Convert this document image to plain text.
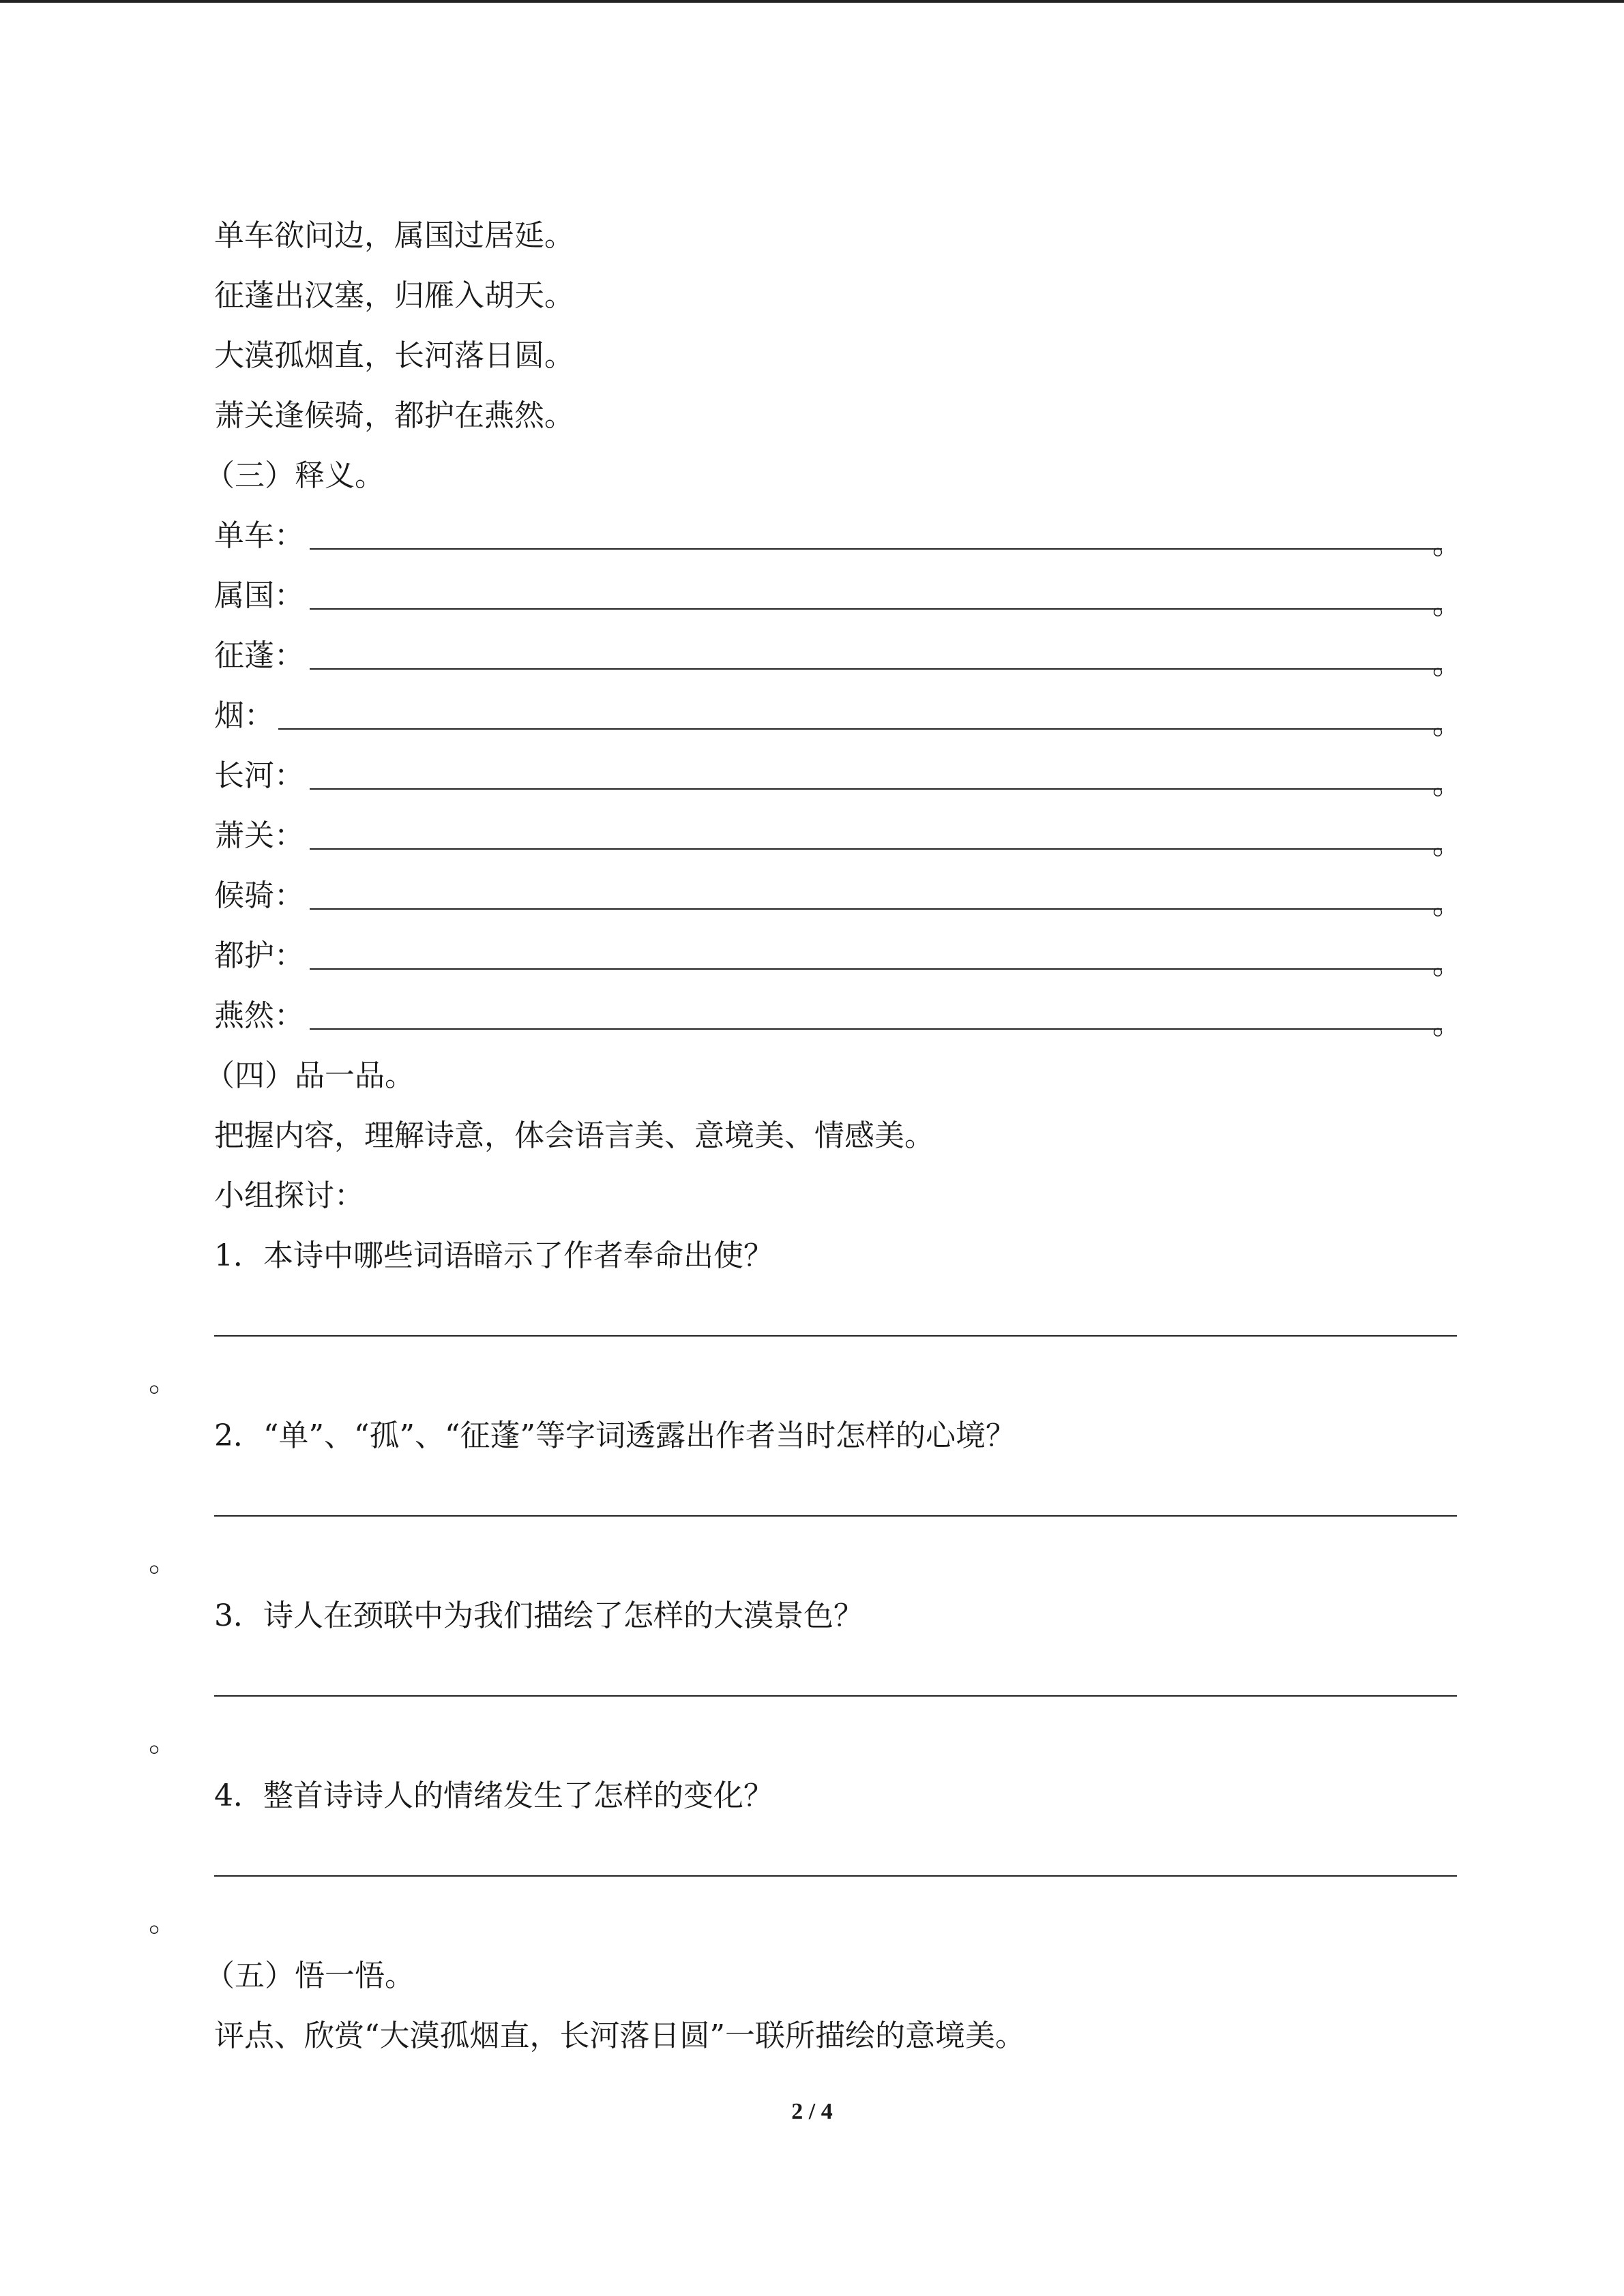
单车欲问边，属国过居延。
征蓬出汉塞，归雁入胡天。
大漠孤烟直，长河落日圆。
萧关逢候骑，都护在燕然。
（三）释义。
单车：	。
属国：	。
征蓬：	。
烟：	。
长河：	。
萧关：	。
候骑：	。
都护：	。
燕然：	。
（四）品一品。
把握内容，理解诗意，体会语言美、意境美、情感美。
小组探讨：
1．本诗中哪些词语暗示了作者奉命出使？
。
2．“单”、“孤”、“征蓬”等字词透露出作者当时怎样的心境？
。
3．诗人在颈联中为我们描绘了怎样的大漠景色？
。
4．整首诗诗人的情绪发生了怎样的变化？
。
（五）悟一悟。
评点、欣赏“大漠孤烟直，长河落日圆”一联所描绘的意境美。
2 / 4
